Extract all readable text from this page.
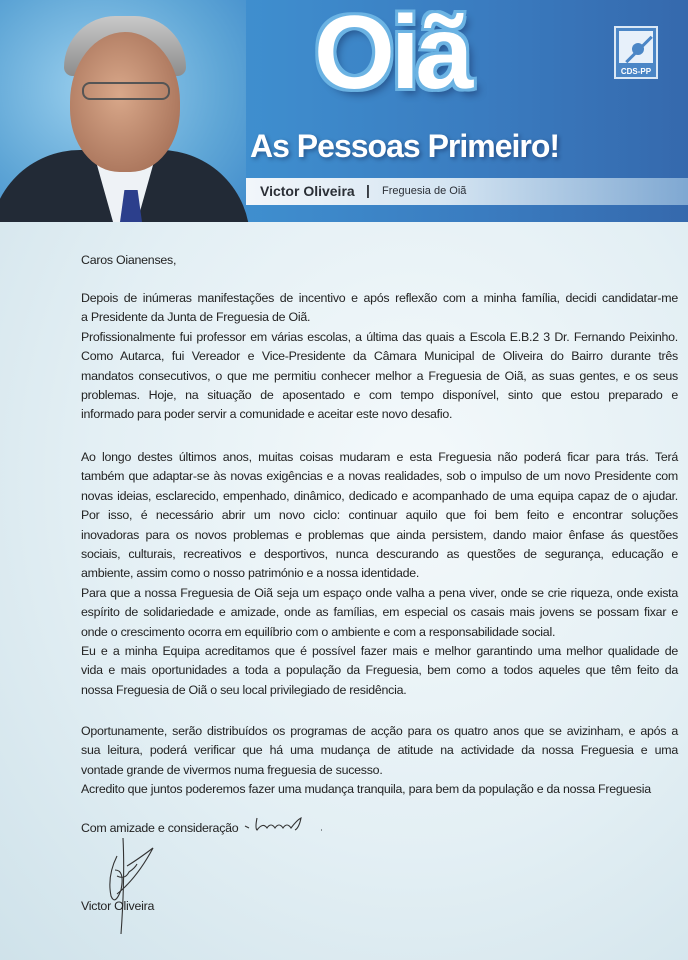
Oiã
As Pessoas Primeiro!
CDS-PP
Victor Oliveira | Freguesia de Oiã
Caros Oianenses,
Depois de inúmeras manifestações de incentivo e após reflexão com a minha família, decidi candidatar-me
a Presidente da Junta de Freguesia de Oiã.
Profissionalmente fui professor em várias escolas, a última das quais a Escola E.B.2 3 Dr. Fernando Peixinho.
Como Autarca, fui Vereador e Vice-Presidente da Câmara Municipal de Oliveira do Bairro durante três
mandatos consecutivos, o que me permitiu conhecer melhor a Freguesia de Oiã, as suas gentes, e os seus
problemas. Hoje, na situação de aposentado e com tempo disponível, sinto que estou preparado e
informado para poder servir a comunidade e aceitar este novo desafio.
Ao longo destes últimos anos, muitas coisas mudaram e esta Freguesia não poderá ficar para trás. Terá
também que adaptar-se às novas exigências e a novas realidades, sob o impulso de um novo Presidente com
novas ideias, esclarecido, empenhado, dinâmico, dedicado e acompanhado de uma equipa capaz de o ajudar.
Por isso, é necessário abrir um novo ciclo: continuar aquilo que foi bem feito e encontrar soluções
inovadoras para os novos problemas e problemas que ainda persistem, dando maior ênfase ás questões
sociais, culturais, recreativos e desportivos, nunca descurando as questões de segurança, educação e
ambiente, assim como o nosso património e a nossa identidade.
Para que a nossa Freguesia de Oiã seja um espaço onde valha a pena viver, onde se crie riqueza, onde exista
espírito de solidariedade e amizade, onde as famílias, em especial os casais mais jovens se possam fixar e
onde o crescimento ocorra em equilíbrio com o ambiente e com a responsabilidade social.
Eu e a minha Equipa acreditamos que é possível fazer mais e melhor garantindo uma melhor qualidade de
vida e mais oportunidades a toda a população da Freguesia, bem como a todos aqueles que têm feito da
nossa Freguesia de Oiã o seu local privilegiado de residência.
Oportunamente, serão distribuídos os programas de acção para os quatro anos que se avizinham, e após a
sua leitura, poderá verificar que há uma mudança de atitude na actividade da nossa Freguesia e uma
vontade grande de vivermos numa freguesia de sucesso.
Acredito que juntos poderemos fazer uma mudança tranquila, para bem da população e da nossa Freguesia
Com amizade e consideração
Victor Oliveira
